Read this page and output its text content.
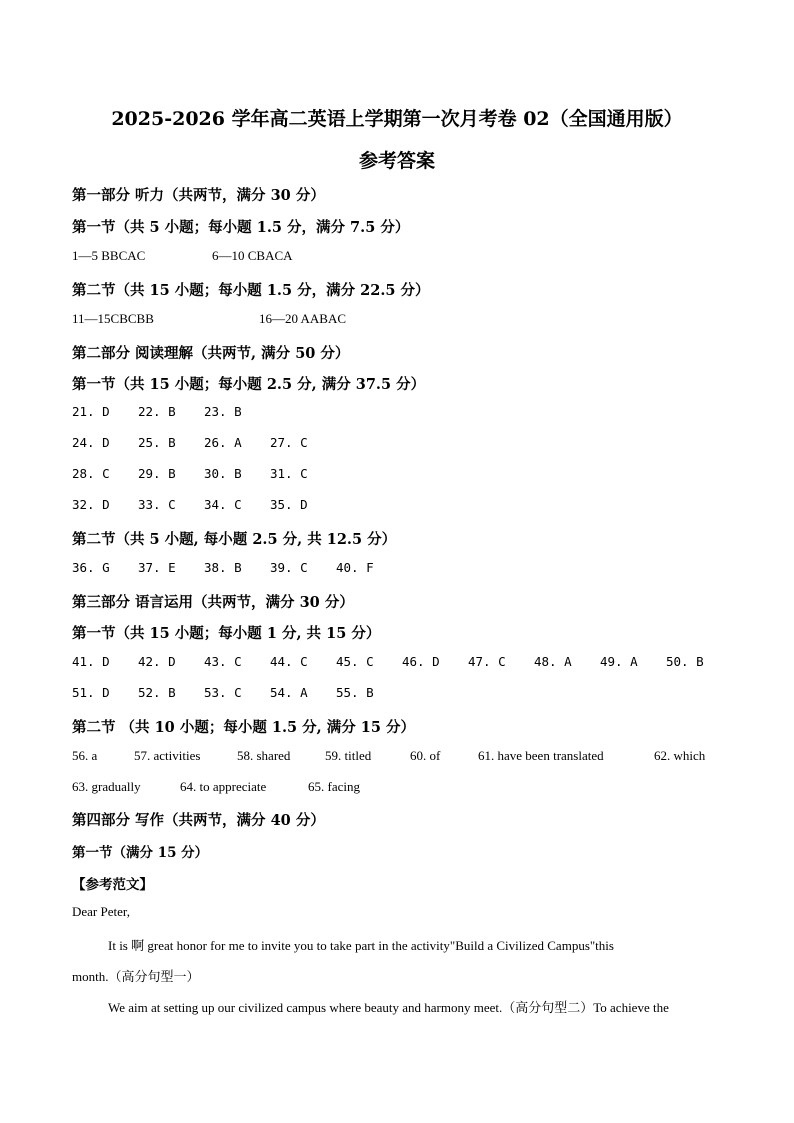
2025-2026 学年高二英语上学期第一次月考卷 02（全国通用版）
参考答案
第一部分 听力（共两节，满分 30 分）
第一节（共 5 小题；每小题 1.5 分，满分 7.5 分）
1—5 BBCAC	6—10 CBACA
第二节（共 15 小题；每小题 1.5 分，满分 22.5 分）
11—15CBCBB	16—20 AABAC
第二部分 阅读理解（共两节, 满分 50 分）
第一节（共 15 小题；每小题 2.5 分, 满分 37.5 分）
21. D 22. B 23. B
24. D 25. B 26. A 27. C
28. C 29. B 30. B 31. C
32. D 33. C 34. C 35. D
第二节（共 5 小题, 每小题 2.5 分, 共 12.5 分）
36. G 37. E 38. B 39. C 40. F
第三部分 语言运用（共两节，满分 30 分）
第一节（共 15 小题；每小题 1 分, 共 15 分）
41. D 42. D 43. C 44. C 45. C 46. D 47. C 48. A 49. A 50. B
51. D 52. B 53. C 54. A 55. B
第二节 （共 10 小题；每小题 1.5 分, 满分 15 分）
56. a	57. activities	58. shared	59. titled	60. of	61. have been translated	62. which
63. gradually	64. to appreciate	65. facing
第四部分 写作（共两节，满分 40 分）
第一节（满分 15 分）
【参考范文】
Dear Peter,
It is 啊 great honor for me to invite you to take part in the activity"Build a Civilized Campus"this
month.（高分句型一）
We aim at setting up our civilized campus where beauty and harmony meet.（高分句型二）To achieve the
